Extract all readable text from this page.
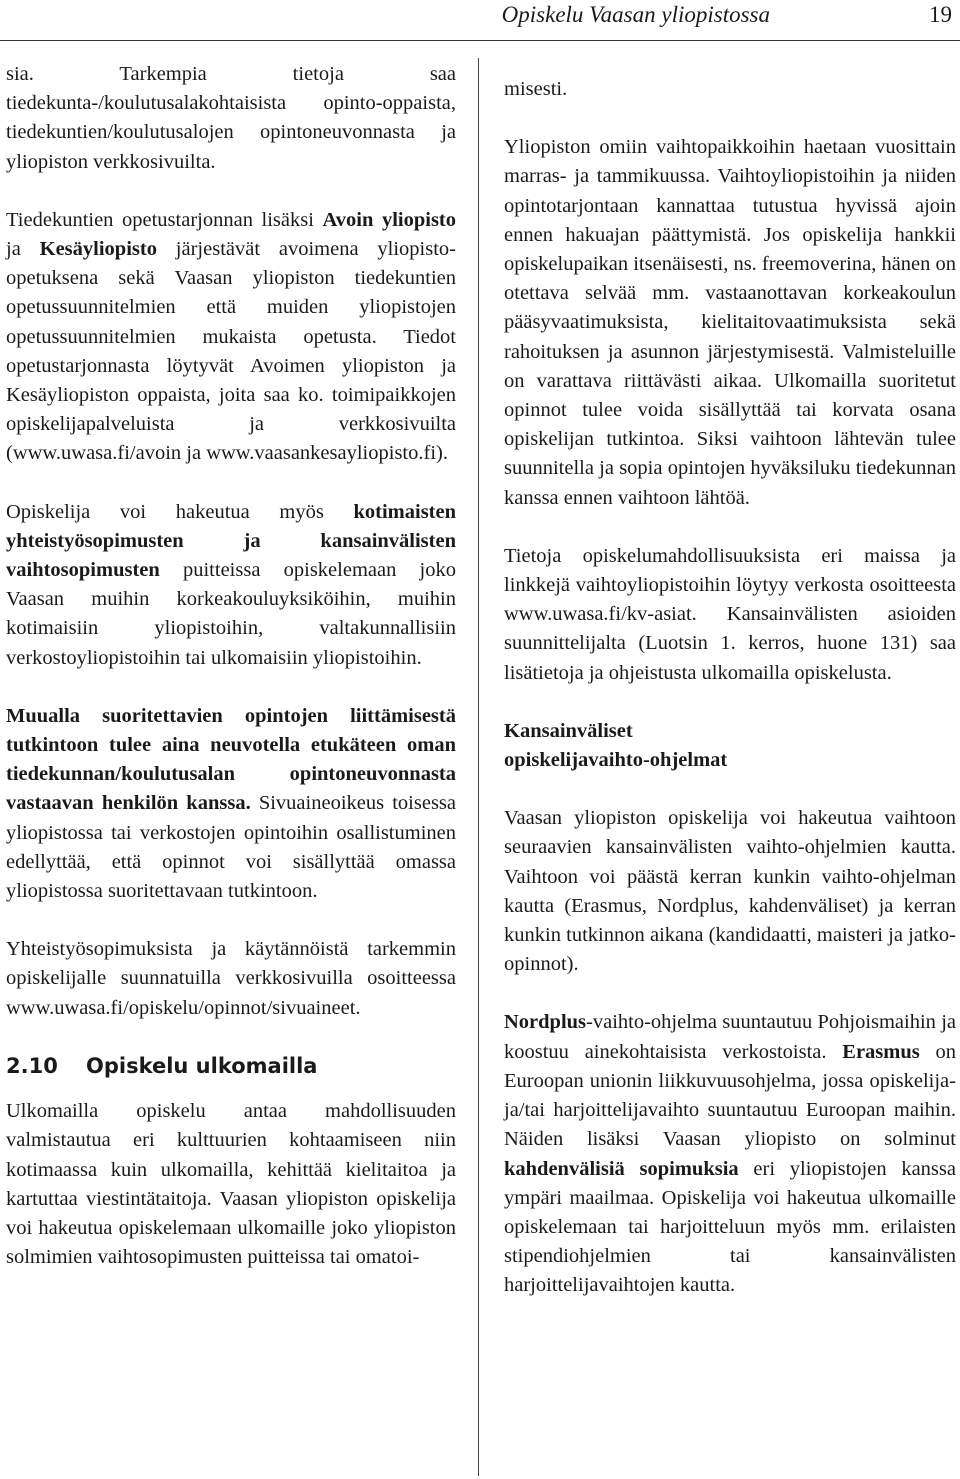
Opiskelu Vaasan yliopistossa	19

sia. Tarkempia tietoja saa tiedekunta-/koulutusalakohtaisista opinto-oppaista, tiedekuntien/koulutusalojen opintoneuvonnasta ja yliopiston verkkosivuilta.

Tiedekuntien opetustarjonnan lisäksi Avoin yliopisto ja Kesäyliopisto järjestävät avoimena yliopisto-opetuksena sekä Vaasan yliopiston tiedekuntien opetussuunnitelmien että muiden yliopistojen opetussuunnitelmien mukaista opetusta. Tiedot opetustarjonnasta löytyvät Avoimen yliopiston ja Kesäyliopiston oppaista, joita saa ko. toimipaikkojen opiskelijapalveluista ja verkkosivuilta (www.uwasa.fi/avoin ja www.vaasankesayliopisto.fi).

Opiskelija voi hakeutua myös kotimaisten yhteistyösopimusten ja kansainvälisten vaihtosopimusten puitteissa opiskelemaan joko Vaasan muihin korkeakouluyksiköihin, muihin kotimaisiin yliopistoihin, valtakunnallisiin verkostoyliopistoihin tai ulkomaisiin yliopistoihin.

Muualla suoritettavien opintojen liittämisestä tutkintoon tulee aina neuvotella etukäteen oman tiedekunnan/koulutusalan opintoneuvonnasta vastaavan henkilön kanssa. Sivuaineoikeus toisessa yliopistossa tai verkostojen opintoihin osallistuminen edellyttää, että opinnot voi sisällyttää omassa yliopistossa suoritettavaan tutkintoon.

Yhteistyösopimuksista ja käytännöistä tarkemmin opiskelijalle suunnatuilla verkkosivuilla osoitteessa www.uwasa.fi/opiskelu/opinnot/sivuaineet.

2.10 Opiskelu ulkomailla

Ulkomailla opiskelu antaa mahdollisuuden valmistautua eri kulttuurien kohtaamiseen niin kotimaassa kuin ulkomailla, kehittää kielitaitoa ja kartuttaa viestintätaitoja. Vaasan yliopiston opiskelija voi hakeutua opiskelemaan ulkomaille joko yliopiston solmimien vaihtosopimusten puitteissa tai omatoi-

misesti.

Yliopiston omiin vaihtopaikkoihin haetaan vuosittain marras- ja tammikuussa. Vaihtoyliopistoihin ja niiden opintotarjontaan kannattaa tutustua hyvissä ajoin ennen hakuajan päättymistä. Jos opiskelija hankkii opiskelupaikan itsenäisesti, ns. freemoverina, hänen on otettava selvää mm. vastaanottavan korkeakoulun pääsyvaatimuksista, kielitaitovaatimuksista sekä rahoituksen ja asunnon järjestymisestä. Valmisteluille on varattava riittävästi aikaa. Ulkomailla suoritetut opinnot tulee voida sisällyttää tai korvata osana opiskelijan tutkintoa. Siksi vaihtoon lähtevän tulee suunnitella ja sopia opintojen hyväksiluku tiedekunnan kanssa ennen vaihtoon lähtöä.

Tietoja opiskelumahdollisuuksista eri maissa ja linkkejä vaihtoyliopistoihin löytyy verkosta osoitteesta www.uwasa.fi/kv-asiat. Kansainvälisten asioiden suunnittelijalta (Luotsin 1. kerros, huone 131) saa lisätietoja ja ohjeistusta ulkomailla opiskelusta.

Kansainväliset
opiskelijavaihto-ohjelmat

Vaasan yliopiston opiskelija voi hakeutua vaihtoon seuraavien kansainvälisten vaihto-ohjelmien kautta. Vaihtoon voi päästä kerran kunkin vaihto-ohjelman kautta (Erasmus, Nordplus, kahdenväliset) ja kerran kunkin tutkinnon aikana (kandidaatti, maisteri ja jatko-opinnot).

Nordplus-vaihto-ohjelma suuntautuu Pohjoismaihin ja koostuu ainekohtaisista verkostoista. Erasmus on Euroopan unionin liikkuvuusohjelma, jossa opiskelija- ja/tai harjoittelijavaihto suuntautuu Euroopan maihin. Näiden lisäksi Vaasan yliopisto on solminut kahdenvälisiä sopimuksia eri yliopistojen kanssa ympäri maailmaa. Opiskelija voi hakeutua ulkomaille opiskelemaan tai harjoitteluun myös mm. erilaisten stipendiohjelmien tai kansainvälisten harjoittelijavaihtojen kautta.
